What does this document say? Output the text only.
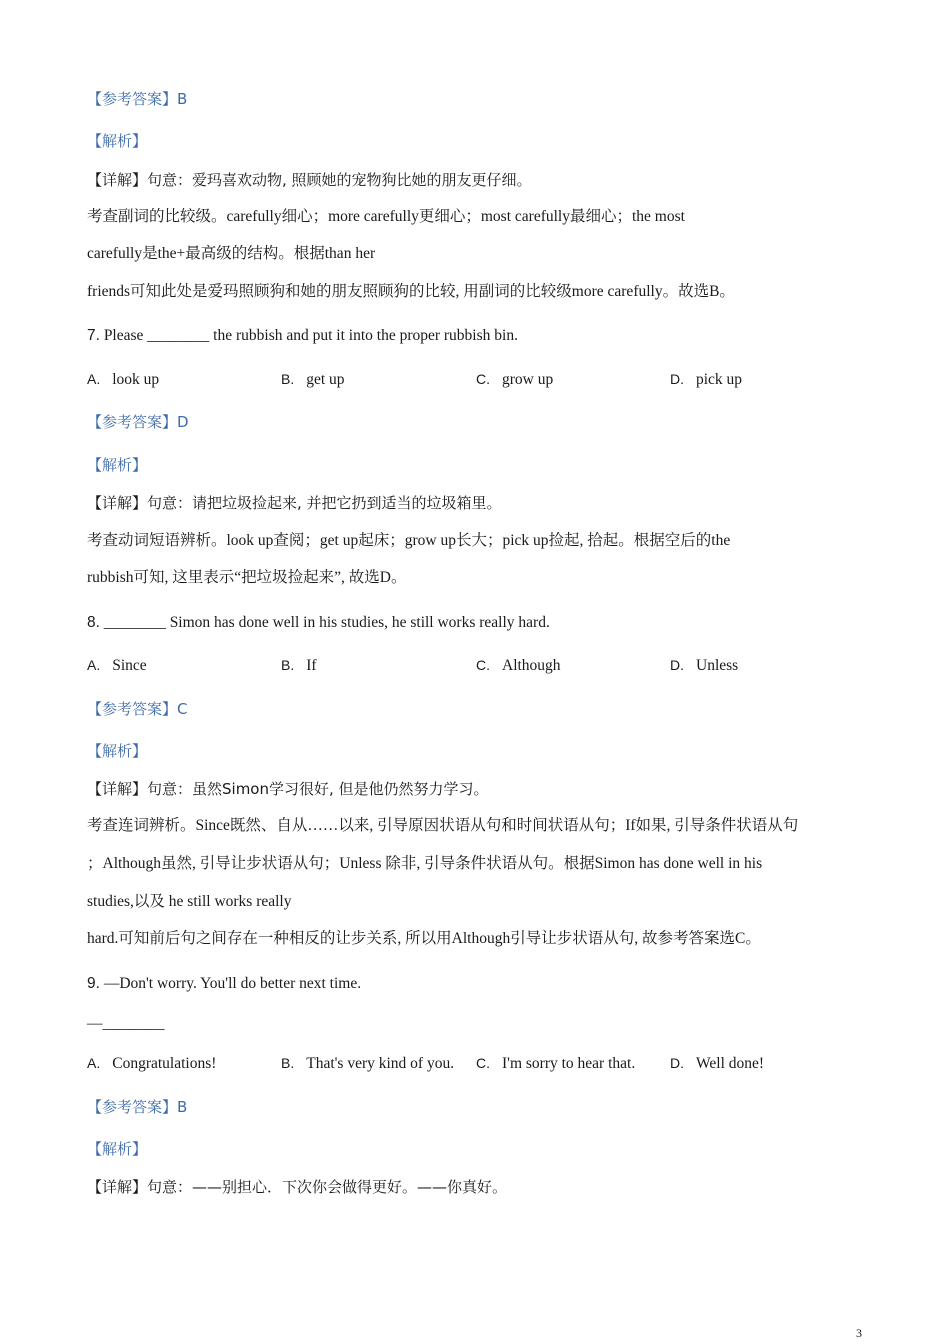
【参考答案】B
【解析】
【详解】句意：爱玛喜欢动物, 照顾她的宠物狗比她的朋友更仔细。
考查副词的比较级。carefully细心；more carefully更细心；most carefully最细心；the most
carefully是the+最高级的结构。根据than her
friends可知此处是爱玛照顾狗和她的朋友照顾狗的比较, 用副词的比较级more carefully。故选B。
7. Please ________ the rubbish and put it into the proper rubbish bin.
A. look up	B. get up	C. grow up	D. pick up
【参考答案】D
【解析】
【详解】句意：请把垃圾捡起来, 并把它扔到适当的垃圾箱里。
考查动词短语辨析。look up查阅；get up起床；grow up长大；pick up捡起, 拾起。根据空后的the
rubbish可知, 这里表示“把垃圾捡起来”, 故选D。
8. ________ Simon has done well in his studies, he still works really hard.
A. Since	B. If	C. Although	D. Unless
【参考答案】C
【解析】
【详解】句意：虽然Simon学习很好, 但是他仍然努力学习。
考查连词辨析。Since既然、自从……以来, 引导原因状语从句和时间状语从句；If如果, 引导条件状语从句
；Although虽然, 引导让步状语从句；Unless 除非, 引导条件状语从句。根据Simon has done well in his
studies,以及 he still works really
hard.可知前后句之间存在一种相反的让步关系, 所以用Although引导让步状语从句, 故参考答案选C。
9. —Don't worry. You'll do better next time.
—________
A. Congratulations!	B. That's very kind of you. C. I'm sorry to hear that. D. Well done!
【参考答案】B
【解析】
【详解】句意：——别担心．下次你会做得更好。——你真好。
3
